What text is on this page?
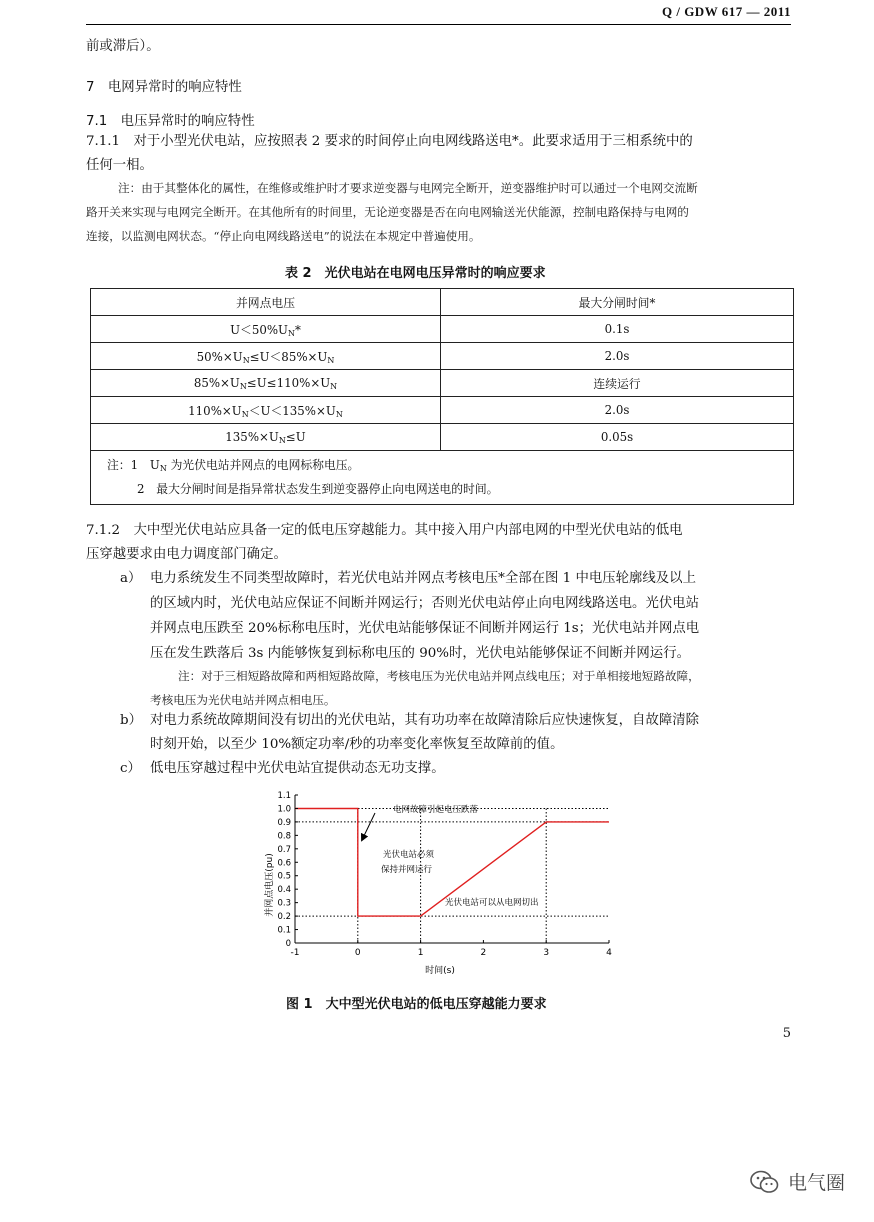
Q / GDW 617 — 2011
前或滞后）。
7　电网异常时的响应特性
7.1　电压异常时的响应特性
7.1.1　对于小型光伏电站，应按照表 2 要求的时间停止向电网线路送电*。此要求适用于三相系统中的
任何一相。
注：由于其整体化的属性，在维修或维护时才要求逆变器与电网完全断开，逆变器维护时可以通过一个电网交流断
路开关来实现与电网完全断开。在其他所有的时间里，无论逆变器是否在向电网输送光伏能源，控制电路保持与电网的
连接，以监测电网状态。“停止向电网线路送电”的说法在本规定中普遍使用。
表 2　光伏电站在电网电压异常时的响应要求
并网点电压	最大分闸时间*
$U<50\%U_N*$	0.1s
$50\%\times U_N\le U<85\%\times U_N$	2.0s
$85\%\times U_N\le U\le 110\%\times U_N$	连续运行
$110\%\times U_N<U<135\%\times U_N$	2.0s
$135\%\times U_N\le U$	0.05s

注：1　$U_N$ 为光伏电站并网点的电网标称电压。
2　最大分闸时间是指异常状态发生到逆变器停止向电网送电的时间。	
7.1.2　大中型光伏电站应具备一定的低电压穿越能力。其中接入用户内部电网的中型光伏电站的低电
压穿越要求由电力调度部门确定。
a） 电力系统发生不同类型故障时，若光伏电站并网点考核电压*全部在图 1 中电压轮廓线及以上
的区域内时，光伏电站应保证不间断并网运行；否则光伏电站停止向电网线路送电。光伏电站
并网点电压跌至 20%标称电压时，光伏电站能够保证不间断并网运行 1s；光伏电站并网点电
压在发生跌落后 3s 内能够恢复到标称电压的 90%时，光伏电站能够保证不间断并网运行。
注：对于三相短路故障和两相短路故障，考核电压为光伏电站并网点线电压；对于单相接地短路故障，
考核电压为光伏电站并网点相电压。
b） 对电力系统故障期间没有切出的光伏电站，其有功功率在故障清除后应快速恢复，自故障清除
时刻开始，以至少 10%额定功率/秒的功率变化率恢复至故障前的值。
c） 低电压穿越过程中光伏电站宜提供动态无功支撑。
-1	0	1	2	3	4
0
0.1
0.2
0.3
0.4
0.5
0.6
0.7
0.8
0.9
1.0
1.1
电网故障引起电压跌落
光伏电站必须
保持并网运行
光伏电站可以从电网切出
时间(s)
并网点电压(pu)
图 1　大中型光伏电站的低电压穿越能力要求
5
电气圈
